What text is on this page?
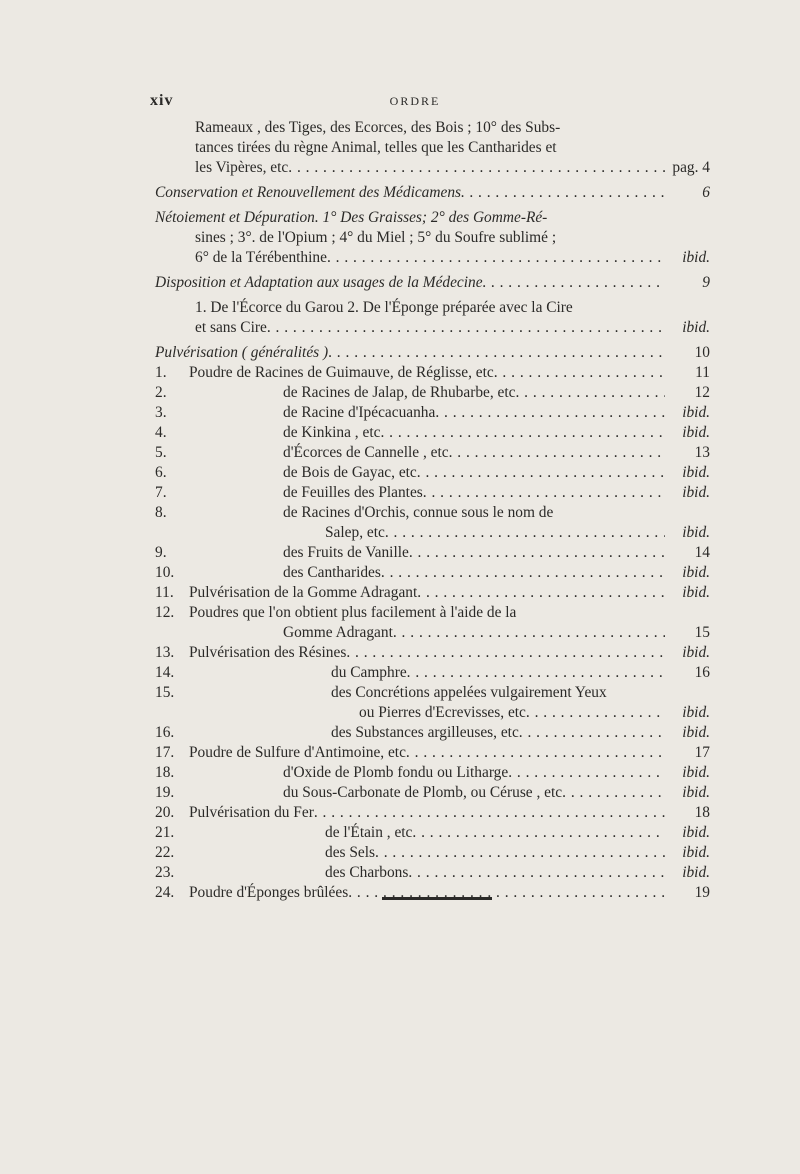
xiv	ORDRE
Rameaux , des Tiges, des Ecorces, des Bois ; 10° des Subs-
tances tirées du règne Animal, telles que les Cantharides et
les Vipères, etc . . .	pag. 4
Conservation et Renouvellement des Médicamens . . .	6
Nétoiement et Dépuration. 1° Des Graisses; 2° des Gomme-Ré-
sines ; 3°. de l'Opium ; 4° du Miel ; 5° du Soufre sublimé ;
6° de la Térébenthine . . .	ibid.
Disposition et Adaptation aux usages de la Médecine . . .	9
1. De l'Écorce du Garou 2. De l'Éponge préparée avec la Cire
et sans Cire . . .	ibid.
Pulvérisation ( généralités ) . . .	10
1.	Poudre de Racines de Guimauve, de Réglisse, etc . . .	11
2.	de Racines de Jalap, de Rhubarbe, etc . . .	12
3.	de Racine d'Ipécacuanha . . .	ibid.
4.	de Kinkina , etc . . .	ibid.
5.	d'Écorces de Cannelle , etc . . .	13
6.	de Bois de Gayac, etc . . .	ibid.
7.	de Feuilles des Plantes . . .	ibid.
8.	de Racines d'Orchis, connue sous le nom de
Salep, etc . . .	ibid.
9.	des Fruits de Vanille . . .	14
10.	des Cantharides . . .	ibid.
11. Pulvérisation de la Gomme Adragant . . .	ibid.
12. Poudres que l'on obtient plus facilement à l'aide de la
Gomme Adragant . . .	15
13. Pulvérisation des Résines . . .	ibid.
14.	du Camphre . . .	16
15.	des Concrétions appelées vulgairement Yeux
ou Pierres d'Ecrevisses, etc . . .	ibid.
16.	des Substances argilleuses, etc . . .	ibid.
17. Poudre de Sulfure d'Antimoine, etc . . .	17
18.	d'Oxide de Plomb fondu ou Litharge . . .	ibid.
19.	du Sous-Carbonate de Plomb, ou Céruse , etc . . .	ibid.
20. Pulvérisation du Fer . . .	18
21.	de l'Étain , etc . . .	ibid.
22.	des Sels . . .	ibid.
23.	des Charbons . . .	ibid.
24. Poudre d'Éponges brûlées . . .	19
